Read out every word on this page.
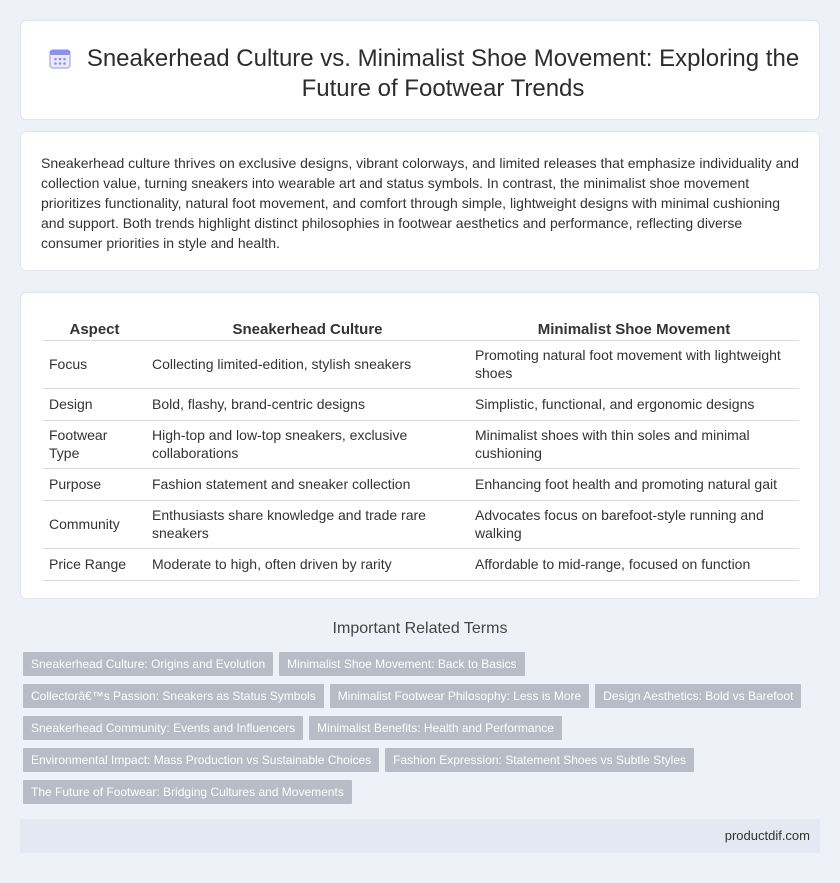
Sneakerhead Culture vs. Minimalist Shoe Movement: Exploring the Future of Footwear Trends

Sneakerhead culture thrives on exclusive designs, vibrant colorways, and limited releases that emphasize individuality and collection value, turning sneakers into wearable art and status symbols. In contrast, the minimalist shoe movement prioritizes functionality, natural foot movement, and comfort through simple, lightweight designs with minimal cushioning and support. Both trends highlight distinct philosophies in footwear aesthetics and performance, reflecting diverse consumer priorities in style and health.

Aspect	Sneakerhead Culture	Minimalist Shoe Movement
Focus	Collecting limited-edition, stylish sneakers	Promoting natural foot movement with lightweight shoes
Design	Bold, flashy, brand-centric designs	Simplistic, functional, and ergonomic designs
Footwear Type	High-top and low-top sneakers, exclusive collaborations	Minimalist shoes with thin soles and minimal cushioning
Purpose	Fashion statement and sneaker collection	Enhancing foot health and promoting natural gait
Community	Enthusiasts share knowledge and trade rare sneakers	Advocates focus on barefoot-style running and walking
Price Range	Moderate to high, often driven by rarity	Affordable to mid-range, focused on function
Important Related Terms
Sneakerhead Culture: Origins and Evolution	Minimalist Shoe Movement: Back to Basics
Collectorâ€™s Passion: Sneakers as Status Symbols	Minimalist Footwear Philosophy: Less is More	Design Aesthetics: Bold vs Barefoot
Sneakerhead Community: Events and Influencers	Minimalist Benefits: Health and Performance
Environmental Impact: Mass Production vs Sustainable Choices	Fashion Expression: Statement Shoes vs Subtle Styles
The Future of Footwear: Bridging Cultures and Movements
productdif.com
